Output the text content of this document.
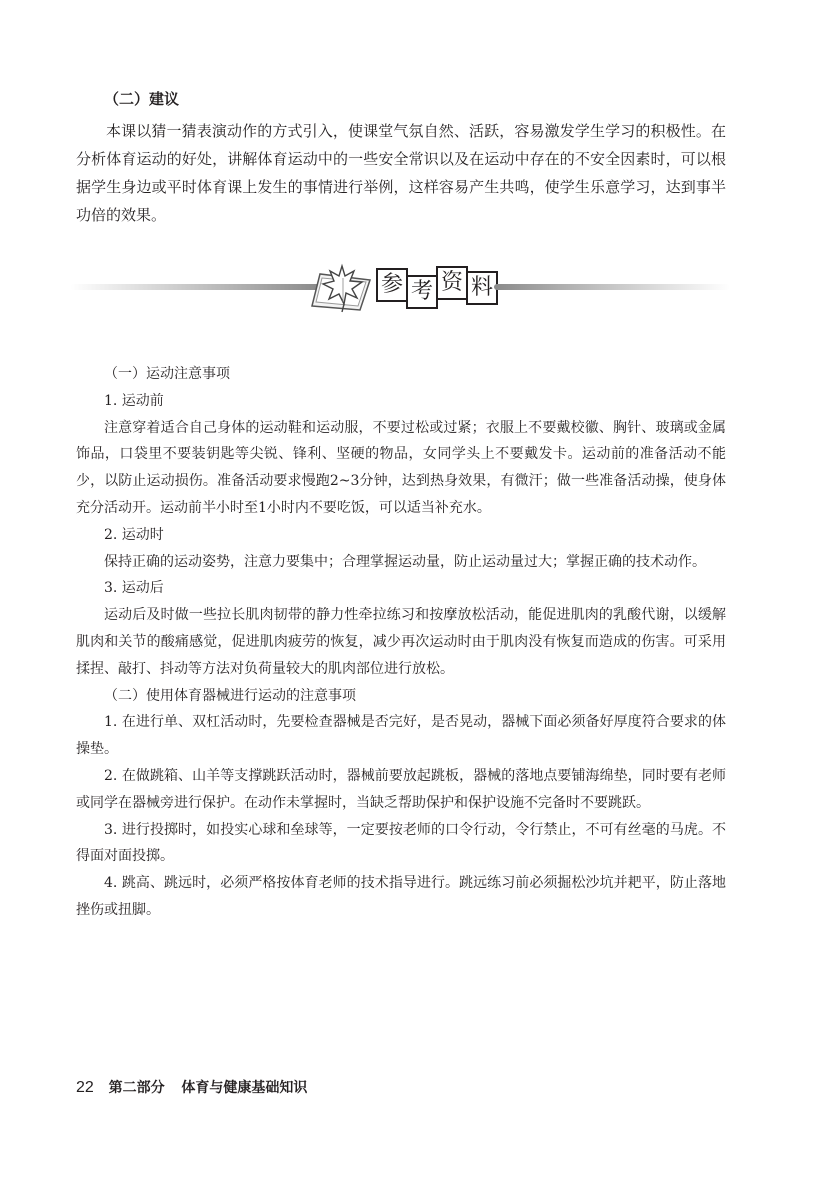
（二）建议

本课以猜一猜表演动作的方式引入，使课堂气氛自然、活跃，容易激发学生学习的积极性。在分析体育运动的好处，讲解体育运动中的一些安全常识以及在运动中存在的不安全因素时，可以根据学生身边或平时体育课上发生的事情进行举例，这样容易产生共鸣，使学生乐意学习，达到事半功倍的效果。

参 考 资 料

（一）运动注意事项

1. 运动前

注意穿着适合自己身体的运动鞋和运动服，不要过松或过紧；衣服上不要戴校徽、胸针、玻璃或金属饰品，口袋里不要装钥匙等尖锐、锋利、坚硬的物品，女同学头上不要戴发卡。运动前的准备活动不能少，以防止运动损伤。准备活动要求慢跑2~3分钟，达到热身效果，有微汗；做一些准备活动操，使身体充分活动开。运动前半小时至1小时内不要吃饭，可以适当补充水。

2. 运动时

保持正确的运动姿势，注意力要集中；合理掌握运动量，防止运动量过大；掌握正确的技术动作。

3. 运动后

运动后及时做一些拉长肌肉韧带的静力性牵拉练习和按摩放松活动，能促进肌肉的乳酸代谢，以缓解肌肉和关节的酸痛感觉，促进肌肉疲劳的恢复，减少再次运动时由于肌肉没有恢复而造成的伤害。可采用揉捏、敲打、抖动等方法对负荷量较大的肌肉部位进行放松。

（二）使用体育器械进行运动的注意事项

1. 在进行单、双杠活动时，先要检查器械是否完好，是否晃动，器械下面必须备好厚度符合要求的体操垫。

2. 在做跳箱、山羊等支撑跳跃活动时，器械前要放起跳板，器械的落地点要铺海绵垫，同时要有老师或同学在器械旁进行保护。在动作未掌握时，当缺乏帮助保护和保护设施不完备时不要跳跃。

3. 进行投掷时，如投实心球和垒球等，一定要按老师的口令行动，令行禁止，不可有丝毫的马虎。不得面对面投掷。

4. 跳高、跳远时，必须严格按体育老师的技术指导进行。跳远练习前必须掘松沙坑并耙平，防止落地挫伤或扭脚。

22 第二部分 体育与健康基础知识
